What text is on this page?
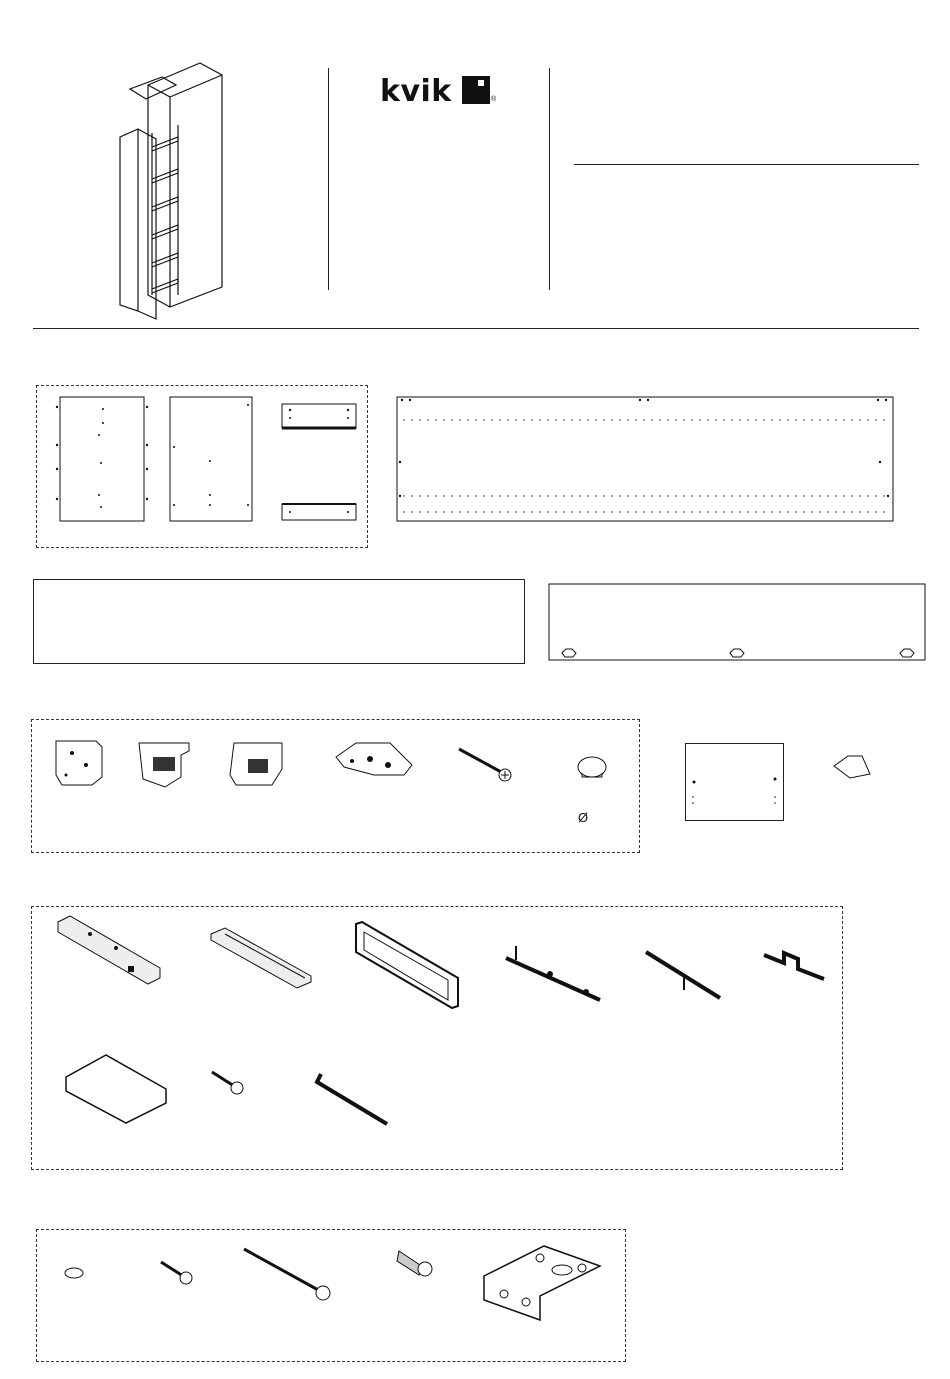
kvik	®
Ø
